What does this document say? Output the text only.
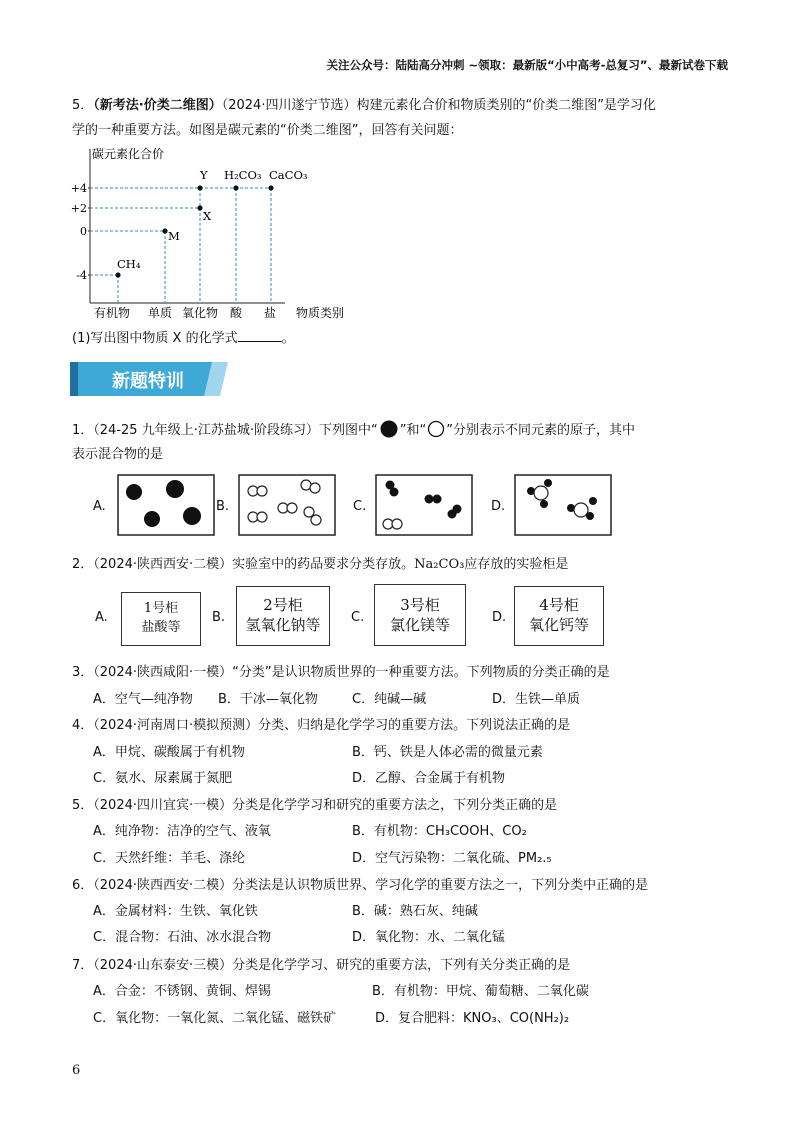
关注公众号：陆陆高分冲刺 ~领取：最新版“小中高考-总复习”、最新试卷下载
5．（新考法·价类二维图）（2024·四川遂宁节选）构建元素化合价和物质类别的“价类二维图”是学习化
学的一种重要方法。如图是碳元素的“价类二维图”，回答有关问题：
碳元素化合价
+4
+2
0
-4
CH₄
M
X
Y H₂CO₃ CaCO₃
有机物 单质 氧化物 酸 盐 物质类别
(1)写出图中物质 X 的化学式	。
新题特训
1．（24-25 九年级上·江苏盐城·阶段练习）下列图中“ ”和“ ”分别表示不同元素的原子，其中
表示混合物的是
A.	B.	C.	D.
2．（2024·陕西西安·二模）实验室中的药品要求分类存放。Na₂CO₃应存放的实验柜是
A.
1号柜
盐酸等
B.
2号柜
氢氧化钠等	C.
3号柜
氯化镁等	D.
4号柜
氧化钙等
3．（2024·陕西咸阳·一模）“分类”是认识物质世界的一种重要方法。下列物质的分类正确的是
A．空气—纯净物 B．干冰—氧化物	C．纯碱—碱	D．生铁—单质
4．（2024·河南周口·模拟预测）分类、归纳是化学学习的重要方法。下列说法正确的是
A．甲烷、碳酸属于有机物	B．钙、铁是人体必需的微量元素
C．氨水、尿素属于氮肥	D．乙醇、合金属于有机物
5．（2024·四川宜宾·一模）分类是化学学习和研究的重要方法之，下列分类正确的是
A．纯净物：洁净的空气、液氧	B．有机物：CH₃COOH、CO₂
C．天然纤维：羊毛、涤纶	D．空气污染物：二氧化硫、PM₂.₅
6．（2024·陕西西安·二模）分类法是认识物质世界、学习化学的重要方法之一，下列分类中正确的是
A．金属材料：生铁、氧化铁	B．碱：熟石灰、纯碱
C．混合物：石油、冰水混合物	D．氧化物：水、二氧化锰
7．（2024·山东泰安·三模）分类是化学学习、研究的重要方法，下列有关分类正确的是
A．合金：不锈钢、黄铜、焊锡	B．有机物：甲烷、葡萄糖、二氧化碳
C．氧化物：一氧化氮、二氧化锰、磁铁矿	D．复合肥料：KNO₃、CO(NH₂)₂
6
